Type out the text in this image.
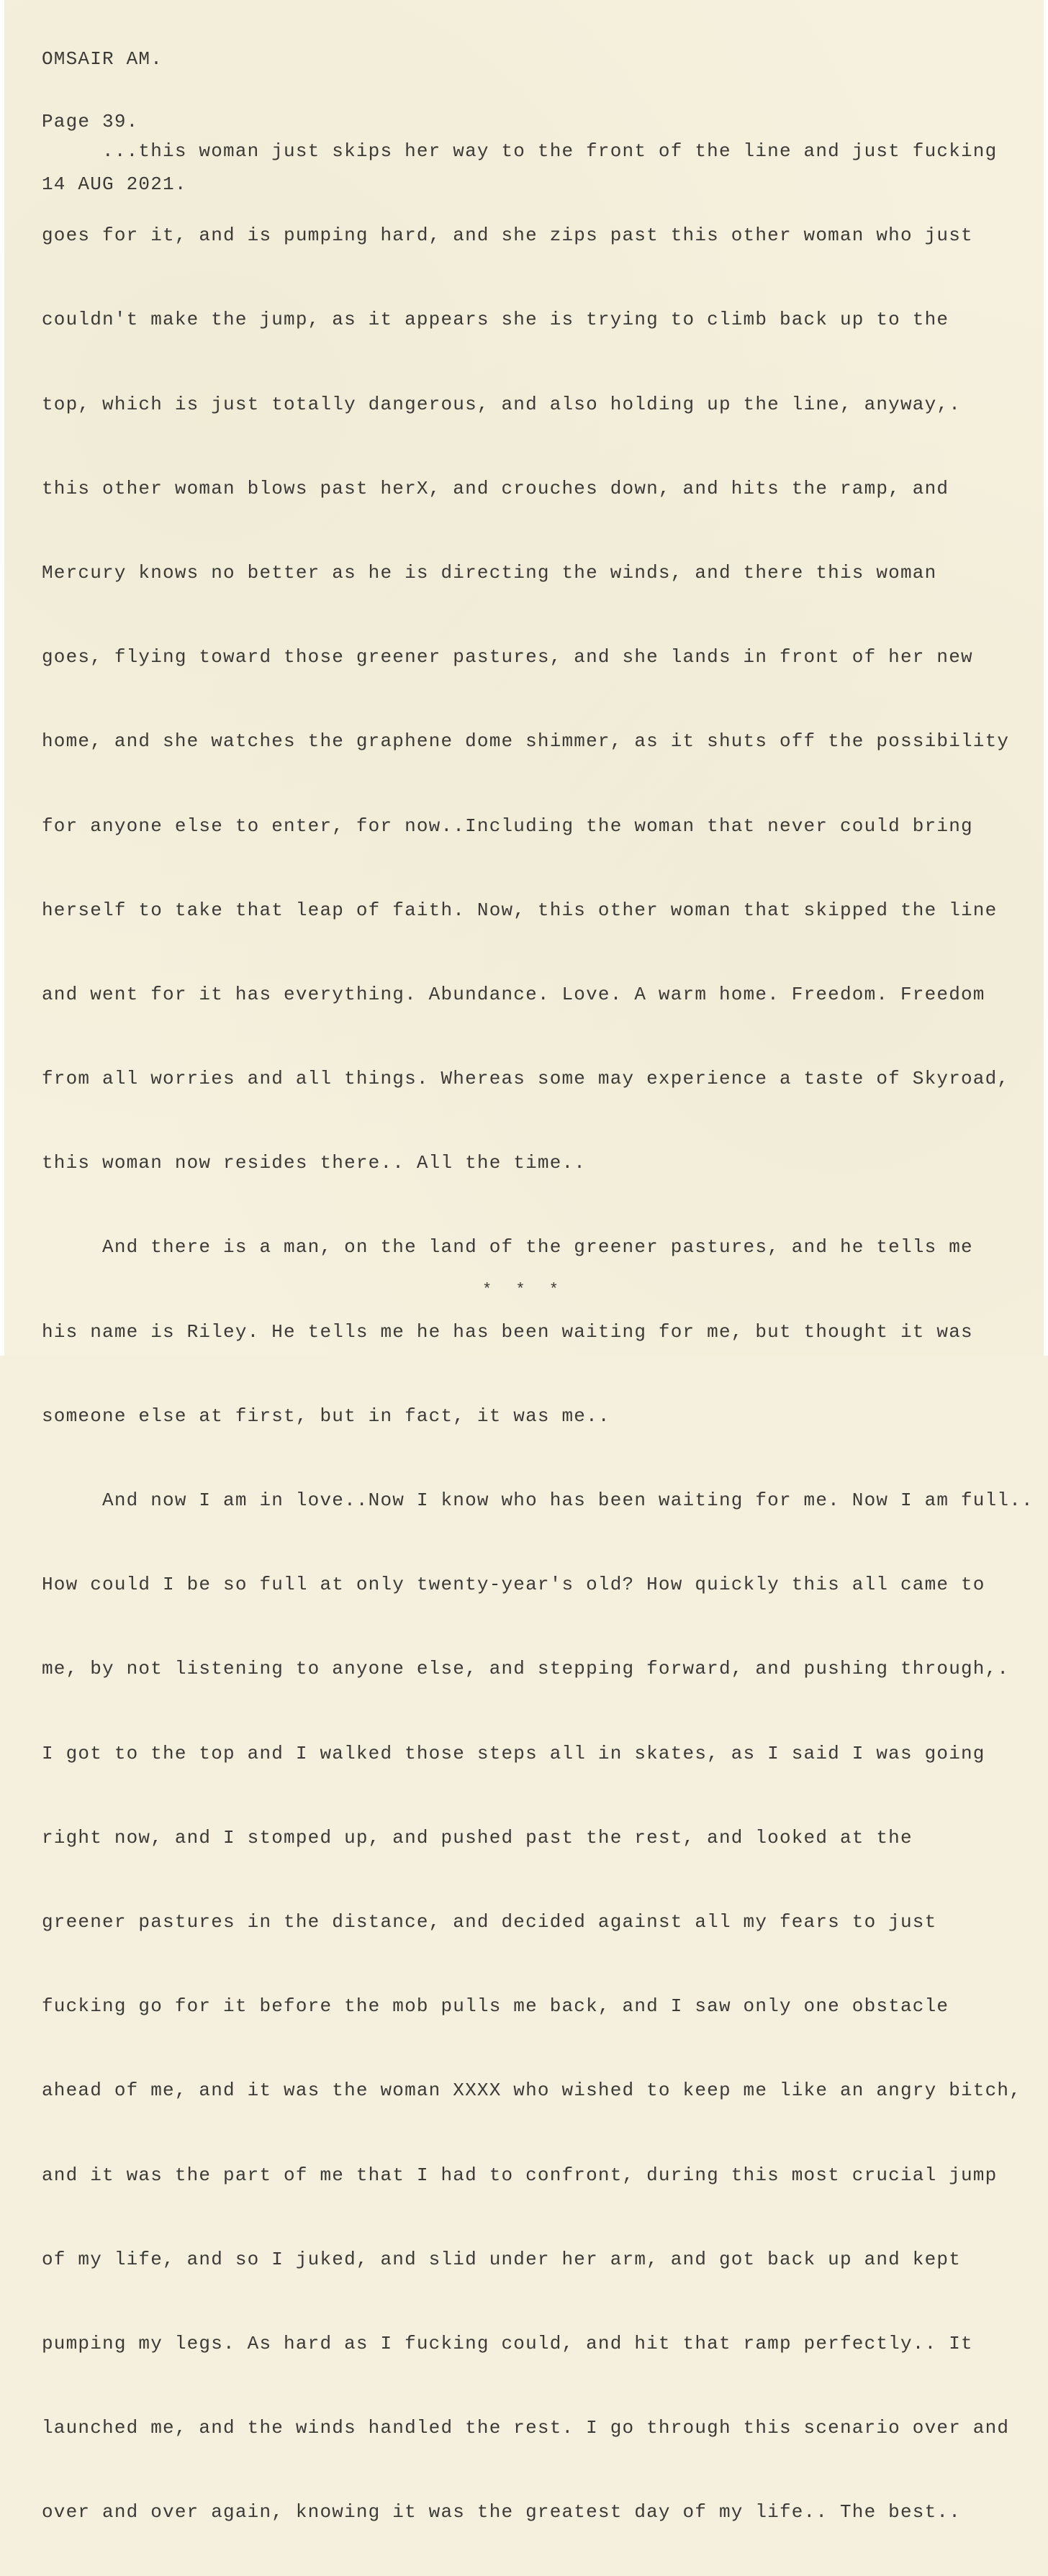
OMSAIR AM.

Page 39.

14 AUG 2021.

...this woman just skips her way to the front of the line and just fucking

goes for it, and is pumping hard, and she zips past this other woman who just

couldn't make the jump, as it appears she is trying to climb back up to the

top, which is just totally dangerous, and also holding up the line, anyway,.

this other woman blows past herX, and crouches down, and hits the ramp, and

Mercury knows no better as he is directing the winds, and there this woman

goes, flying toward those greener pastures, and she lands in front of her new

home, and she watches the graphene dome shimmer, as it shuts off the possibility

for anyone else to enter, for now..Including the woman that never could bring

herself to take that leap of faith. Now, this other woman that skipped the line

and went for it has everything. Abundance. Love. A warm home. Freedom. Freedom

from all worries and all things. Whereas some may experience a taste of Skyroad,

this woman now resides there.. All the time..

And there is a man, on the land of the greener pastures, and he tells me

his name is Riley. He tells me he has been waiting for me, but thought it was

someone else at first, but in fact, it was me..

And now I am in love..Now I know who has been waiting for me. Now I am full..

How could I be so full at only twenty-year's old? How quickly this all came to

me, by not listening to anyone else, and stepping forward, and pushing through,.

I got to the top and I walked those steps all in skates, as I said I was going

right now, and I stomped up, and pushed past the rest, and looked at the

greener pastures in the distance, and decided against all my fears to just

fucking go for it before the mob pulls me back, and I saw only one obstacle

ahead of me, and it was the woman XXXX who wished to keep me like an angry bitch,

and it was the part of me that I had to confront, during this most crucial jump

of my life, and so I juked, and slid under her arm, and got back up and kept

pumping my legs. As hard as I fucking could, and hit that ramp perfectly.. It

launched me, and the winds handled the rest. I go through this scenario over and

over and over again, knowing it was the greatest day of my life.. The best..

* * *
